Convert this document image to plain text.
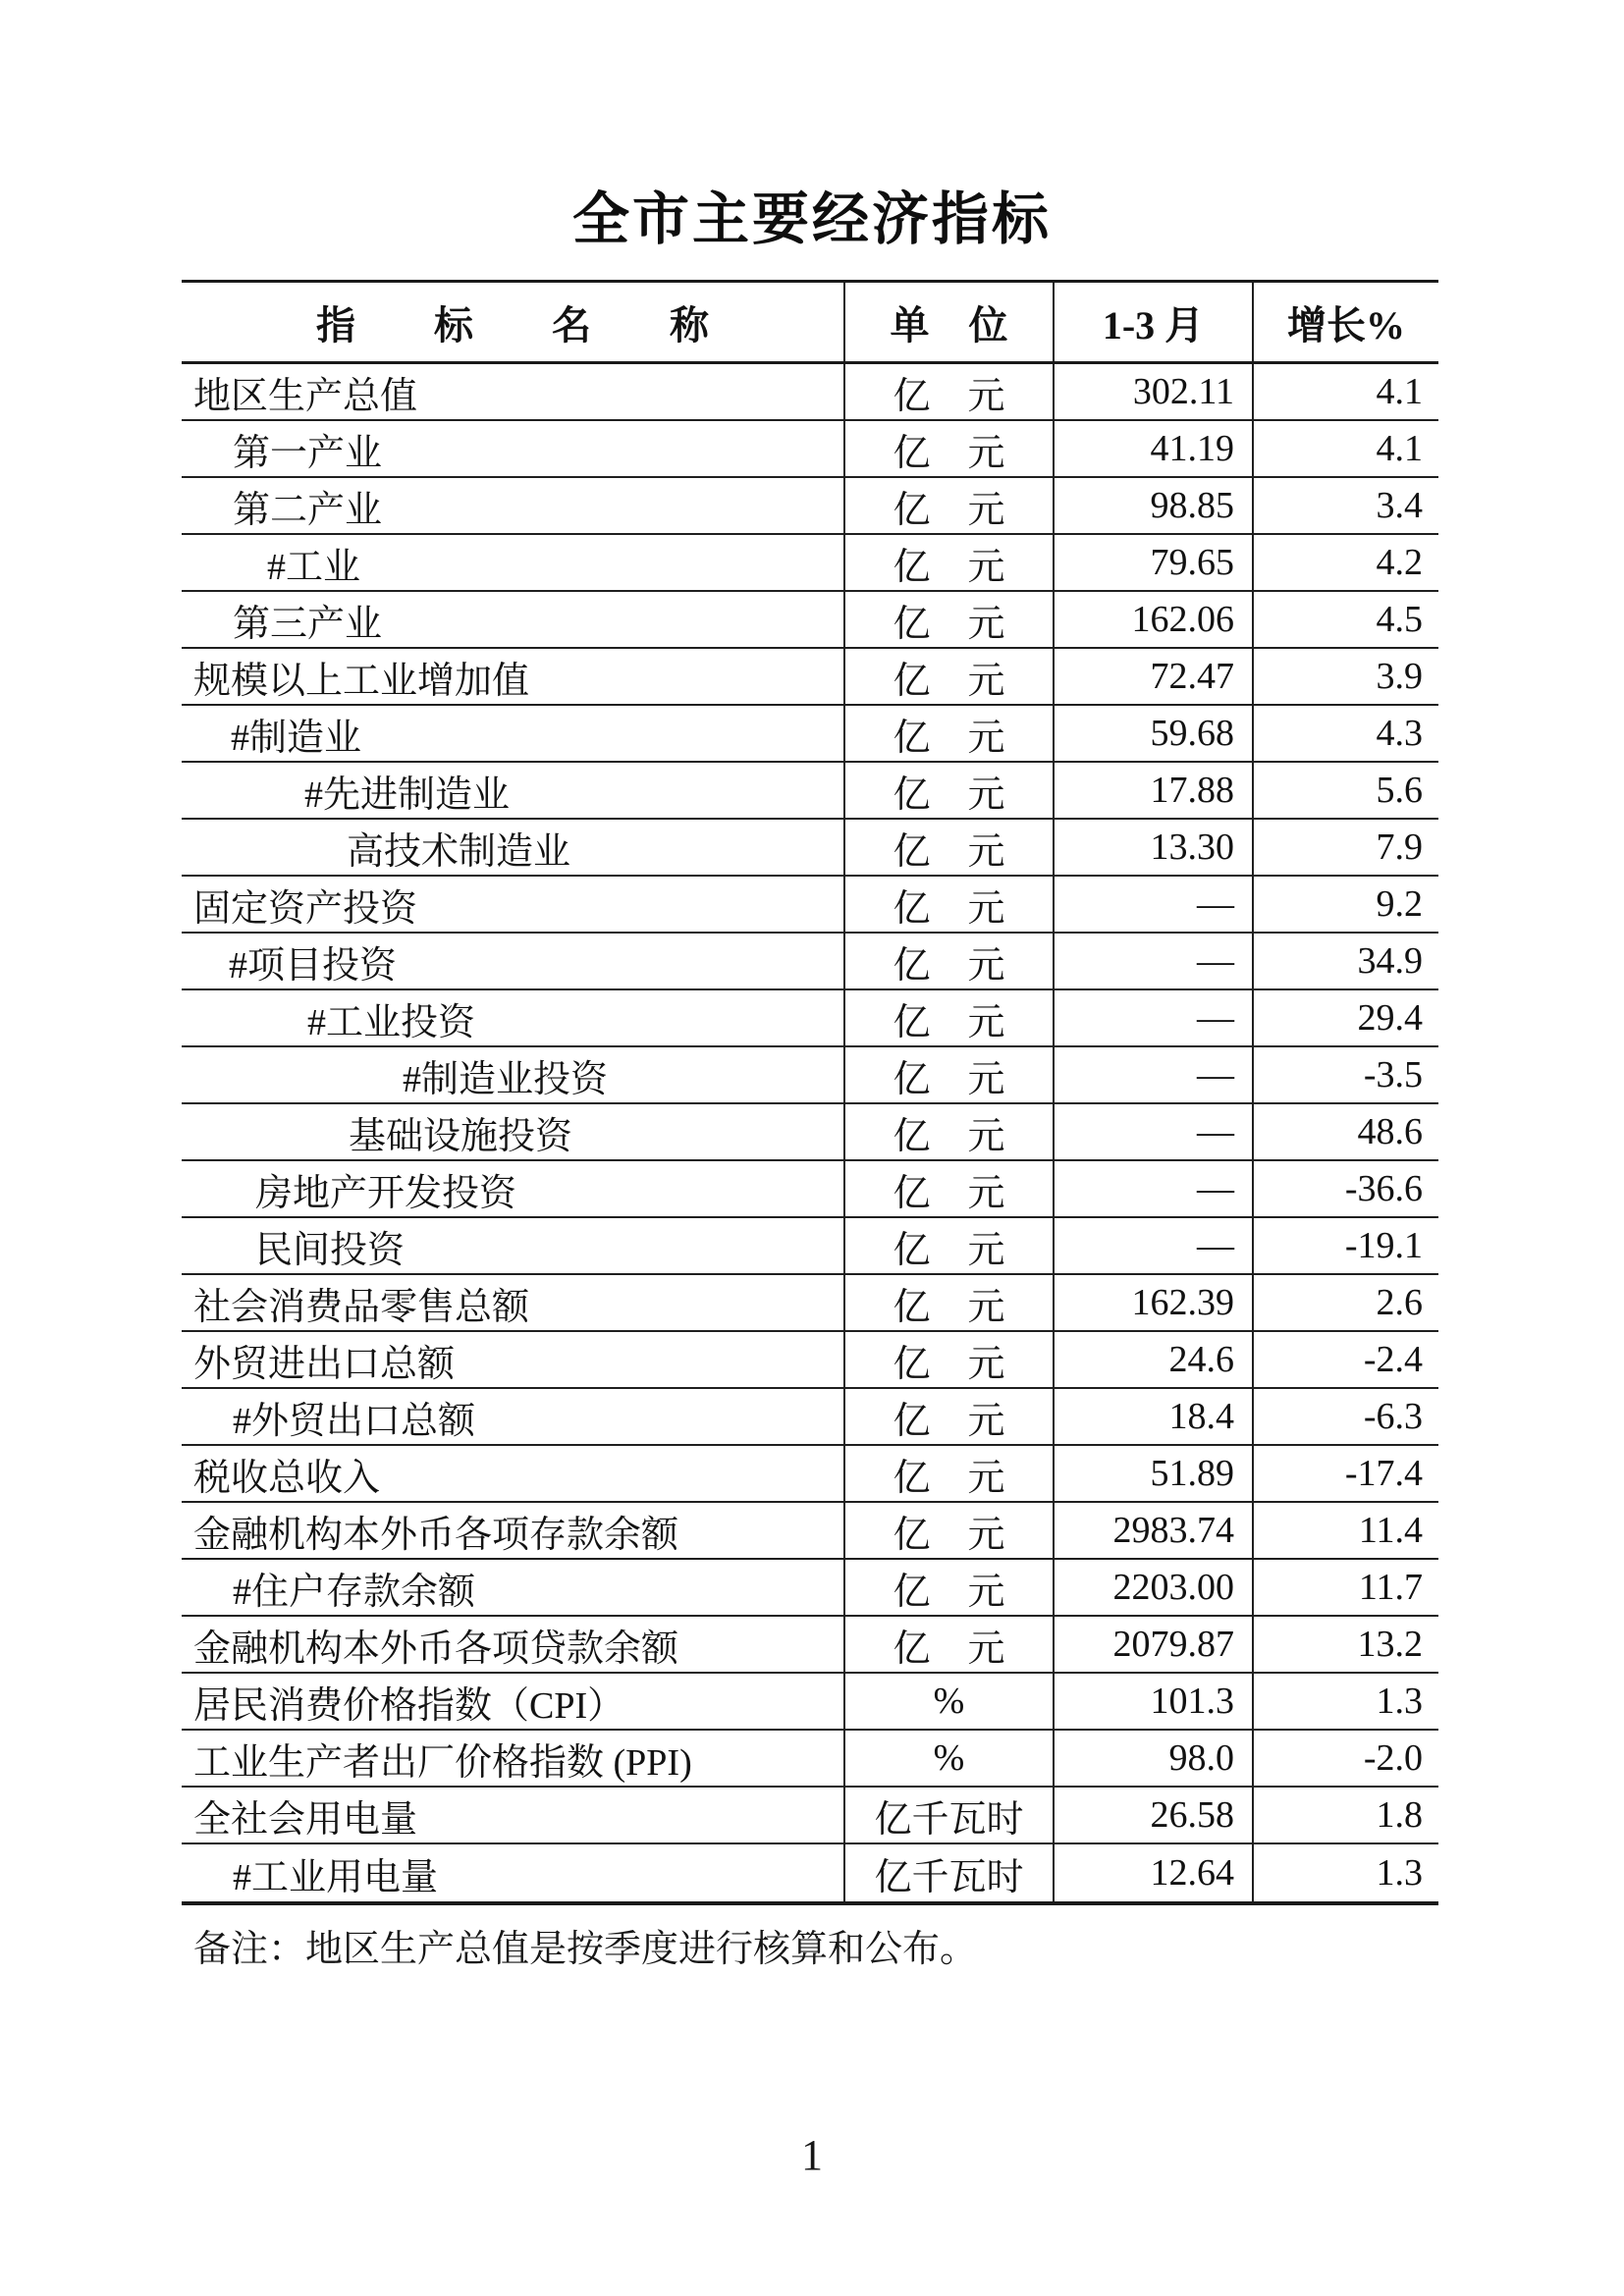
全市主要经济指标
指　　标　　名　　称	单　位	1-3 月	增长%
地区生产总值	亿　元	302.11	4.1
第一产业	亿　元	41.19	4.1
第二产业	亿　元	98.85	3.4
#工业	亿　元	79.65	4.2
第三产业	亿　元	162.06	4.5
规模以上工业增加值	亿　元	72.47	3.9
#制造业	亿　元	59.68	4.3
#先进制造业	亿　元	17.88	5.6
高技术制造业	亿　元	13.30	7.9
固定资产投资	亿　元	—	9.2
#项目投资	亿　元	—	34.9
#工业投资	亿　元	—	29.4
#制造业投资	亿　元	—	-3.5
基础设施投资	亿　元	—	48.6
房地产开发投资	亿　元	—	-36.6
民间投资	亿　元	—	-19.1
社会消费品零售总额	亿　元	162.39	2.6
外贸进出口总额	亿　元	24.6	-2.4
#外贸出口总额	亿　元	18.4	-6.3
税收总收入	亿　元	51.89	-17.4
金融机构本外币各项存款余额	亿　元	2983.74	11.4
#住户存款余额	亿　元	2203.00	11.7
金融机构本外币各项贷款余额	亿　元	2079.87	13.2
居民消费价格指数（CPI）	%	101.3	1.3
工业生产者出厂价格指数 (PPI)	%	98.0	-2.0
全社会用电量	亿千瓦时	26.58	1.8
#工业用电量	亿千瓦时	12.64	1.3

备注：地区生产总值是按季度进行核算和公布。

1
